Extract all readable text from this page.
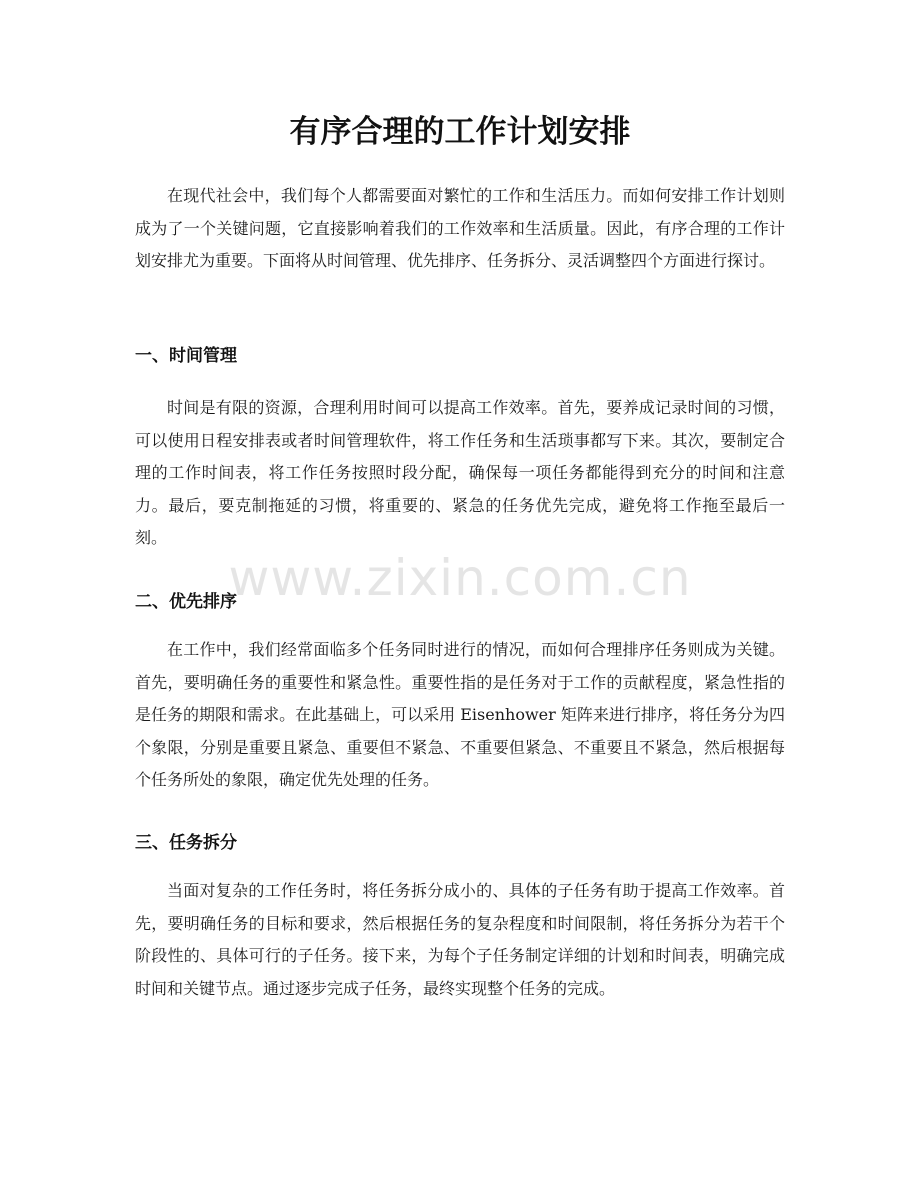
有序合理的工作计划安排

在现代社会中，我们每个人都需要面对繁忙的工作和生活压力。而如何安排工作计划则成为了一个关键问题，它直接影响着我们的工作效率和生活质量。因此，有序合理的工作计划安排尤为重要。下面将从时间管理、优先排序、任务拆分、灵活调整四个方面进行探讨。

一、时间管理

时间是有限的资源，合理利用时间可以提高工作效率。首先，要养成记录时间的习惯，可以使用日程安排表或者时间管理软件，将工作任务和生活琐事都写下来。其次，要制定合理的工作时间表，将工作任务按照时段分配，确保每一项任务都能得到充分的时间和注意力。最后，要克制拖延的习惯，将重要的、紧急的任务优先完成，避免将工作拖至最后一刻。

二、优先排序

在工作中，我们经常面临多个任务同时进行的情况，而如何合理排序任务则成为关键。首先，要明确任务的重要性和紧急性。重要性指的是任务对于工作的贡献程度，紧急性指的是任务的期限和需求。在此基础上，可以采用 Eisenhower 矩阵来进行排序，将任务分为四个象限，分别是重要且紧急、重要但不紧急、不重要但紧急、不重要且不紧急，然后根据每个任务所处的象限，确定优先处理的任务。

三、任务拆分

当面对复杂的工作任务时，将任务拆分成小的、具体的子任务有助于提高工作效率。首先，要明确任务的目标和要求，然后根据任务的复杂程度和时间限制，将任务拆分为若干个阶段性的、具体可行的子任务。接下来，为每个子任务制定详细的计划和时间表，明确完成时间和关键节点。通过逐步完成子任务，最终实现整个任务的完成。

www.zixin.com.cn
